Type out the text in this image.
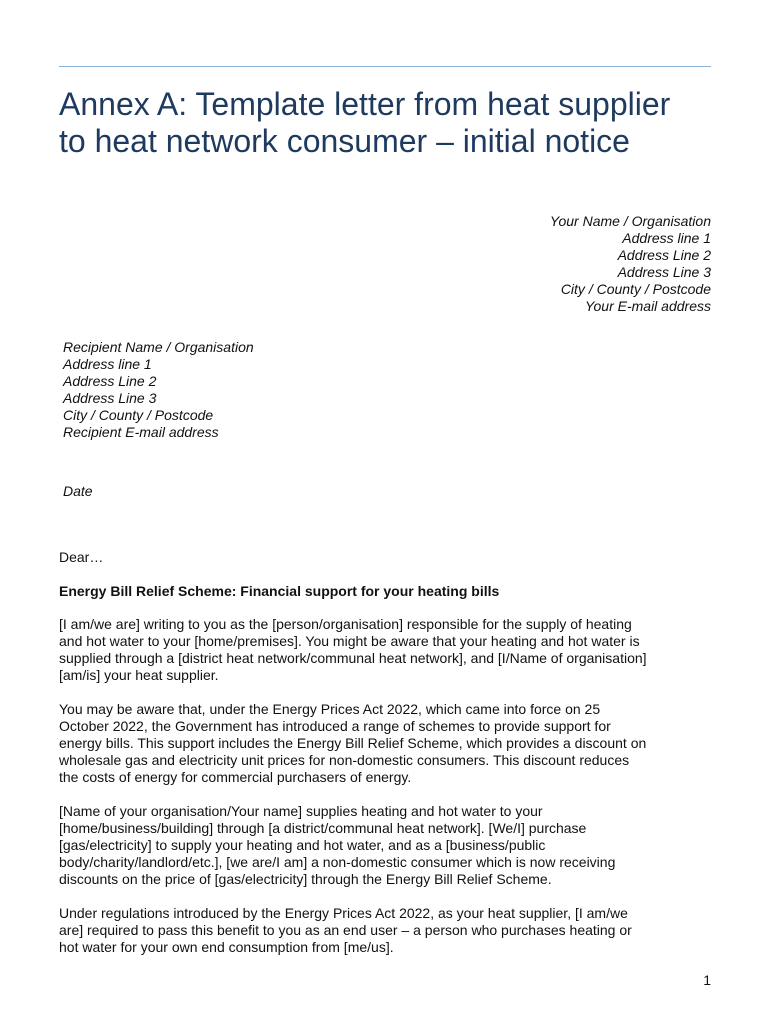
Annex A: Template letter from heat supplier
to heat network consumer – initial notice
Your Name / Organisation
Address line 1
Address Line 2
Address Line 3
City / County / Postcode
Your E-mail address
Recipient Name / Organisation
Address line 1
Address Line 2
Address Line 3
City / County / Postcode
Recipient E-mail address
Date
Dear…
Energy Bill Relief Scheme: Financial support for your heating bills

[I am/we are] writing to you as the [person/organisation] responsible for the supply of heating
and hot water to your [home/premises]. You might be aware that your heating and hot water is
supplied through a [district heat network/communal heat network], and [I/Name of organisation]
[am/is] your heat supplier.

You may be aware that, under the Energy Prices Act 2022, which came into force on 25
October 2022, the Government has introduced a range of schemes to provide support for
energy bills. This support includes the Energy Bill Relief Scheme, which provides a discount on
wholesale gas and electricity unit prices for non-domestic consumers. This discount reduces
the costs of energy for commercial purchasers of energy.

[Name of your organisation/Your name] supplies heating and hot water to your
[home/business/building] through [a district/communal heat network]. [We/I] purchase
[gas/electricity] to supply your heating and hot water, and as a [business/public
body/charity/landlord/etc.], [we are/I am] a non-domestic consumer which is now receiving
discounts on the price of [gas/electricity] through the Energy Bill Relief Scheme.

Under regulations introduced by the Energy Prices Act 2022, as your heat supplier, [I am/we
are] required to pass this benefit to you as an end user – a person who purchases heating or
hot water for your own end consumption from [me/us].

1
